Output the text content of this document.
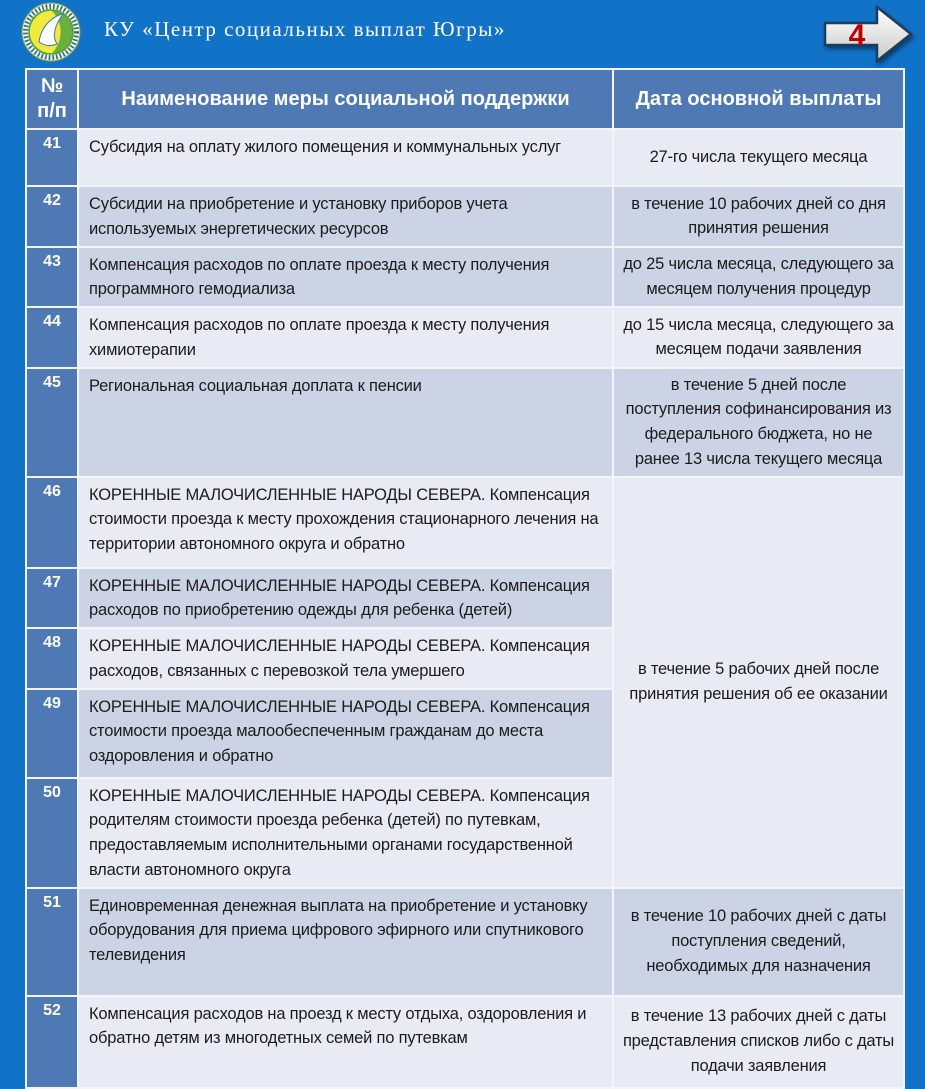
КУ «Центр социальных выплат Югры»	4
№ п/п	Наименование меры социальной поддержки	Дата основной выплаты
41	Субсидия на оплату жилого помещения и коммунальных услуг	27-го числа текущего месяца
42	Субсидии на приобретение и установку приборов учета используемых энергетических ресурсов	в течение 10 рабочих дней со дня принятия решения
43	Компенсация расходов по оплате проезда к месту получения программного гемодиализа	до 25 числа месяца, следующего за месяцем получения процедур
44	Компенсация расходов по оплате проезда к месту получения химиотерапии	до 15 числа месяца, следующего за месяцем подачи заявления
45	Региональная социальная доплата к пенсии	в течение 5 дней после поступления софинансирования из федерального бюджета, но не ранее 13 числа текущего месяца
46	КОРЕННЫЕ МАЛОЧИСЛЕННЫЕ НАРОДЫ СЕВЕРА. Компенсация стоимости проезда к месту прохождения стационарного лечения на территории автономного округа и обратно	в течение 5 рабочих дней после принятия решения об ее оказании
47	КОРЕННЫЕ МАЛОЧИСЛЕННЫЕ НАРОДЫ СЕВЕРА. Компенсация расходов по приобретению одежды для ребенка (детей)	
48	КОРЕННЫЕ МАЛОЧИСЛЕННЫЕ НАРОДЫ СЕВЕРА. Компенсация расходов, связанных с перевозкой тела умершего	
49	КОРЕННЫЕ МАЛОЧИСЛЕННЫЕ НАРОДЫ СЕВЕРА. Компенсация стоимости проезда малообеспеченным гражданам до места оздоровления и обратно	
50	КОРЕННЫЕ МАЛОЧИСЛЕННЫЕ НАРОДЫ СЕВЕРА. Компенсация родителям стоимости проезда ребенка (детей) по путевкам, предоставляемым исполнительными органами государственной власти автономного округа	
51	Единовременная денежная выплата на приобретение и установку оборудования для приема цифрового эфирного или спутникового телевидения	в течение 10 рабочих дней с даты поступления сведений, необходимых для назначения
52	Компенсация расходов на проезд к месту отдыха, оздоровления и обратно детям из многодетных семей по путевкам	в течение 13 рабочих дней с даты представления списков либо с даты подачи заявления
